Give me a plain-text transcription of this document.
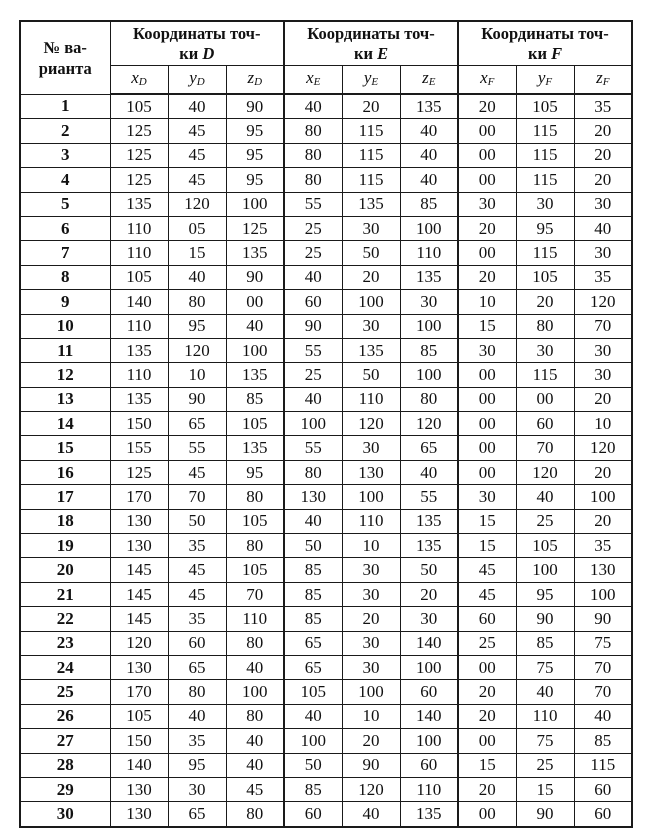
№ ва-
рианта	Координаты точ-
ки D			Координаты точ-
ки E			Координаты точ-
ки F		

	xD	yD	zD	xE	yE	zE	xF	yF	zF
1	105	40	90	40	20	135	20	105	35
2	125	45	95	80	115	40	00	115	20
3	125	45	95	80	115	40	00	115	20
4	125	45	95	80	115	40	00	115	20
5	135	120	100	55	135	85	30	30	30
6	110	05	125	25	30	100	20	95	40
7	110	15	135	25	50	110	00	115	30
8	105	40	90	40	20	135	20	105	35
9	140	80	00	60	100	30	10	20	120
10	110	95	40	90	30	100	15	80	70
11	135	120	100	55	135	85	30	30	30
12	110	10	135	25	50	100	00	115	30
13	135	90	85	40	110	80	00	00	20
14	150	65	105	100	120	120	00	60	10
15	155	55	135	55	30	65	00	70	120
16	125	45	95	80	130	40	00	120	20
17	170	70	80	130	100	55	30	40	100
18	130	50	105	40	110	135	15	25	20
19	130	35	80	50	10	135	15	105	35
20	145	45	105	85	30	50	45	100	130
21	145	45	70	85	30	20	45	95	100
22	145	35	110	85	20	30	60	90	90
23	120	60	80	65	30	140	25	85	75
24	130	65	40	65	30	100	00	75	70
25	170	80	100	105	100	60	20	40	70
26	105	40	80	40	10	140	20	110	40
27	150	35	40	100	20	100	00	75	85
28	140	95	40	50	90	60	15	25	115
29	130	30	45	85	120	110	20	15	60
30	130	65	80	60	40	135	00	90	60
